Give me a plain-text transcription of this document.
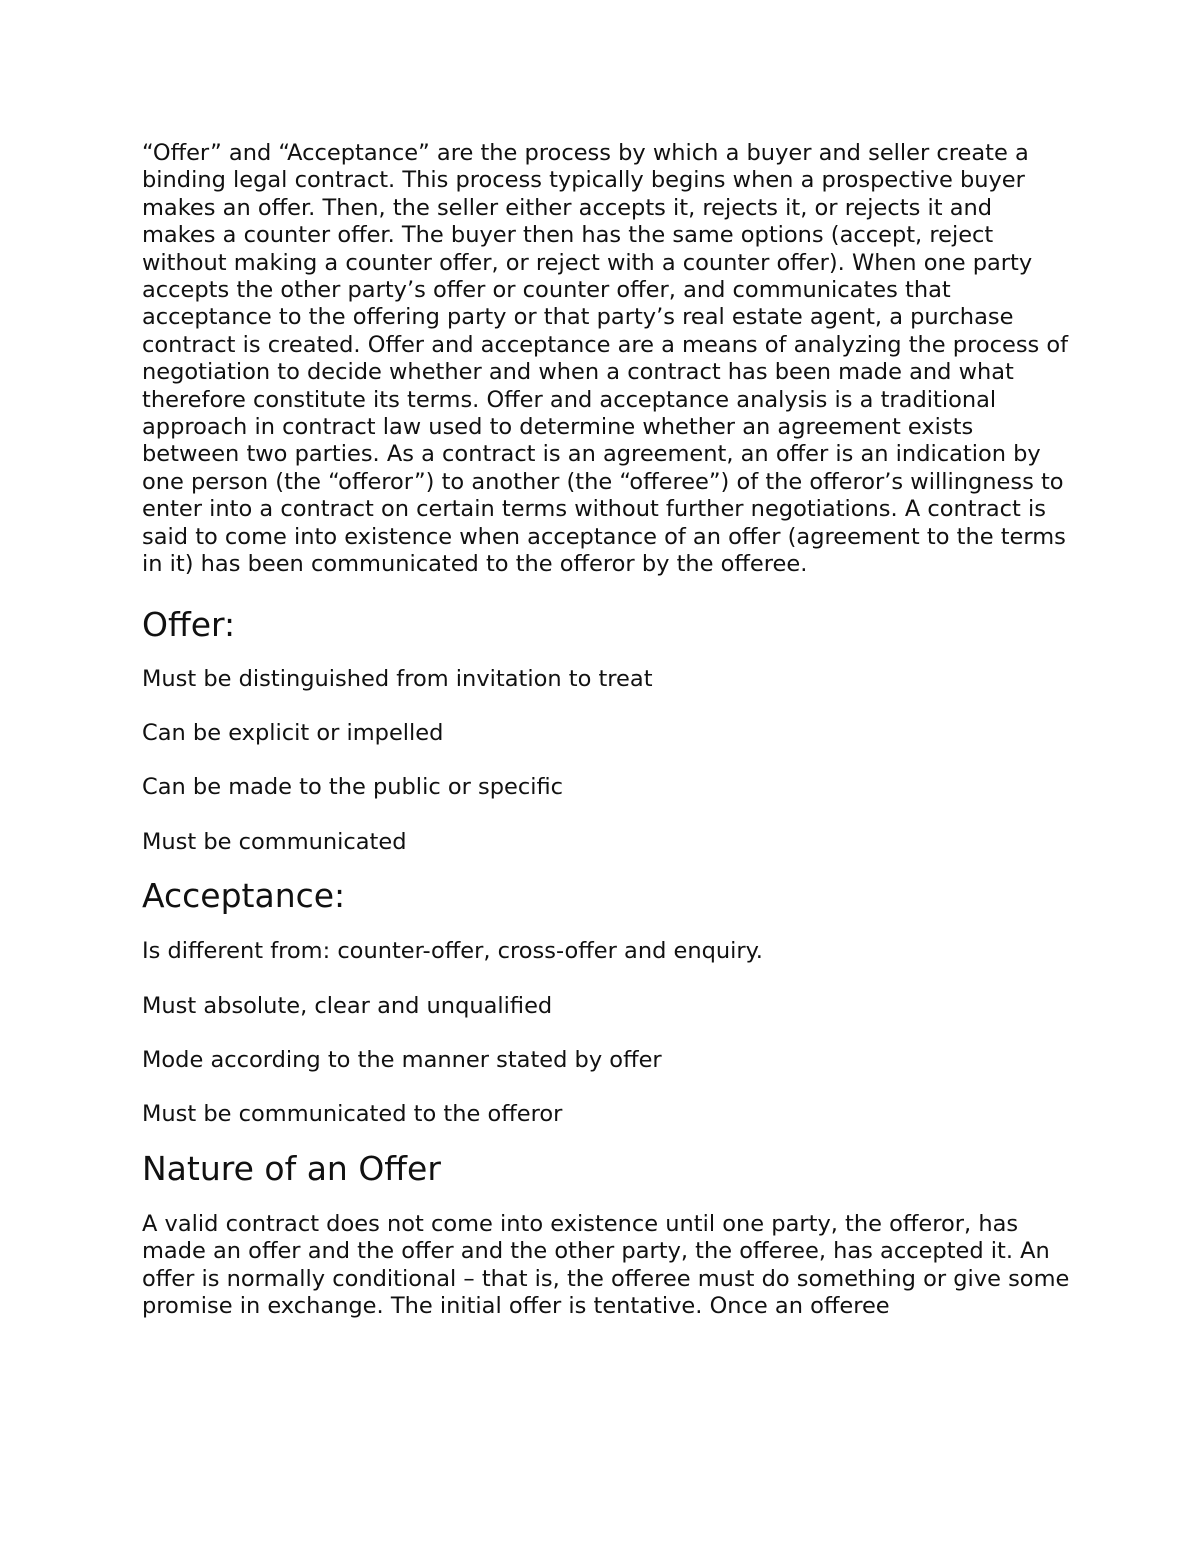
“Offer” and “Acceptance” are the process by which a buyer and seller create a binding legal contract. This process typically begins when a prospective buyer makes an offer. Then, the seller either accepts it, rejects it, or rejects it and makes a counter offer. The buyer then has the same options (accept, reject without making a counter offer, or reject with a counter offer). When one party accepts the other party’s offer or counter offer, and communicates that acceptance to the offering party or that party’s real estate agent, a purchase contract is created. Offer and acceptance are a means of analyzing the process of negotiation to decide whether and when a contract has been made and what therefore constitute its terms. Offer and acceptance analysis is a traditional approach in contract law used to determine whether an agreement exists between two parties. As a contract is an agreement, an offer is an indication by one person (the “offeror”) to another (the “offeree”) of the offeror’s willingness to enter into a contract on certain terms without further negotiations. A contract is said to come into existence when acceptance of an offer (agreement to the terms in it) has been communicated to the offeror by the offeree.

Offer:
Must be distinguished from invitation to treat
Can be explicit or impelled
Can be made to the public or specific
Must be communicated
Acceptance:
Is different from: counter-offer, cross-offer and enquiry.
Must absolute, clear and unqualified
Mode according to the manner stated by offer
Must be communicated to the offeror
Nature of an Offer

A valid contract does not come into existence until one party, the offeror, has made an offer and the offer and the other party, the offeree, has accepted it. An offer is normally conditional – that is, the offeree must do something or give some promise in exchange. The initial offer is tentative. Once an offeree
